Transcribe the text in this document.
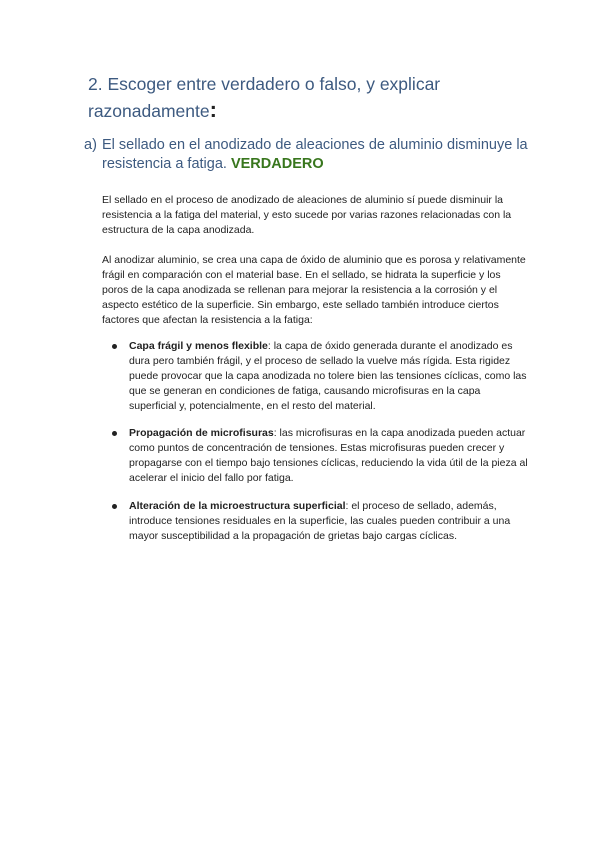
2. Escoger entre verdadero o falso, y explicar razonadamente:
a) El sellado en el anodizado de aleaciones de aluminio disminuye la resistencia a fatiga. VERDADERO

El sellado en el proceso de anodizado de aleaciones de aluminio sí puede disminuir la resistencia a la fatiga del material, y esto sucede por varias razones relacionadas con la estructura de la capa anodizada.

Al anodizar aluminio, se crea una capa de óxido de aluminio que es porosa y relativamente frágil en comparación con el material base. En el sellado, se hidrata la superficie y los poros de la capa anodizada se rellenan para mejorar la resistencia a la corrosión y el aspecto estético de la superficie. Sin embargo, este sellado también introduce ciertos factores que afectan la resistencia a la fatiga:

Capa frágil y menos flexible: la capa de óxido generada durante el anodizado es dura pero también frágil, y el proceso de sellado la vuelve más rígida. Esta rigidez puede provocar que la capa anodizada no tolere bien las tensiones cíclicas, como las que se generan en condiciones de fatiga, causando microfisuras en la capa superficial y, potencialmente, en el resto del material.
Propagación de microfisuras: las microfisuras en la capa anodizada pueden actuar como puntos de concentración de tensiones. Estas microfisuras pueden crecer y propagarse con el tiempo bajo tensiones cíclicas, reduciendo la vida útil de la pieza al acelerar el inicio del fallo por fatiga.
Alteración de la microestructura superficial: el proceso de sellado, además, introduce tensiones residuales en la superficie, las cuales pueden contribuir a una mayor susceptibilidad a la propagación de grietas bajo cargas cíclicas.
